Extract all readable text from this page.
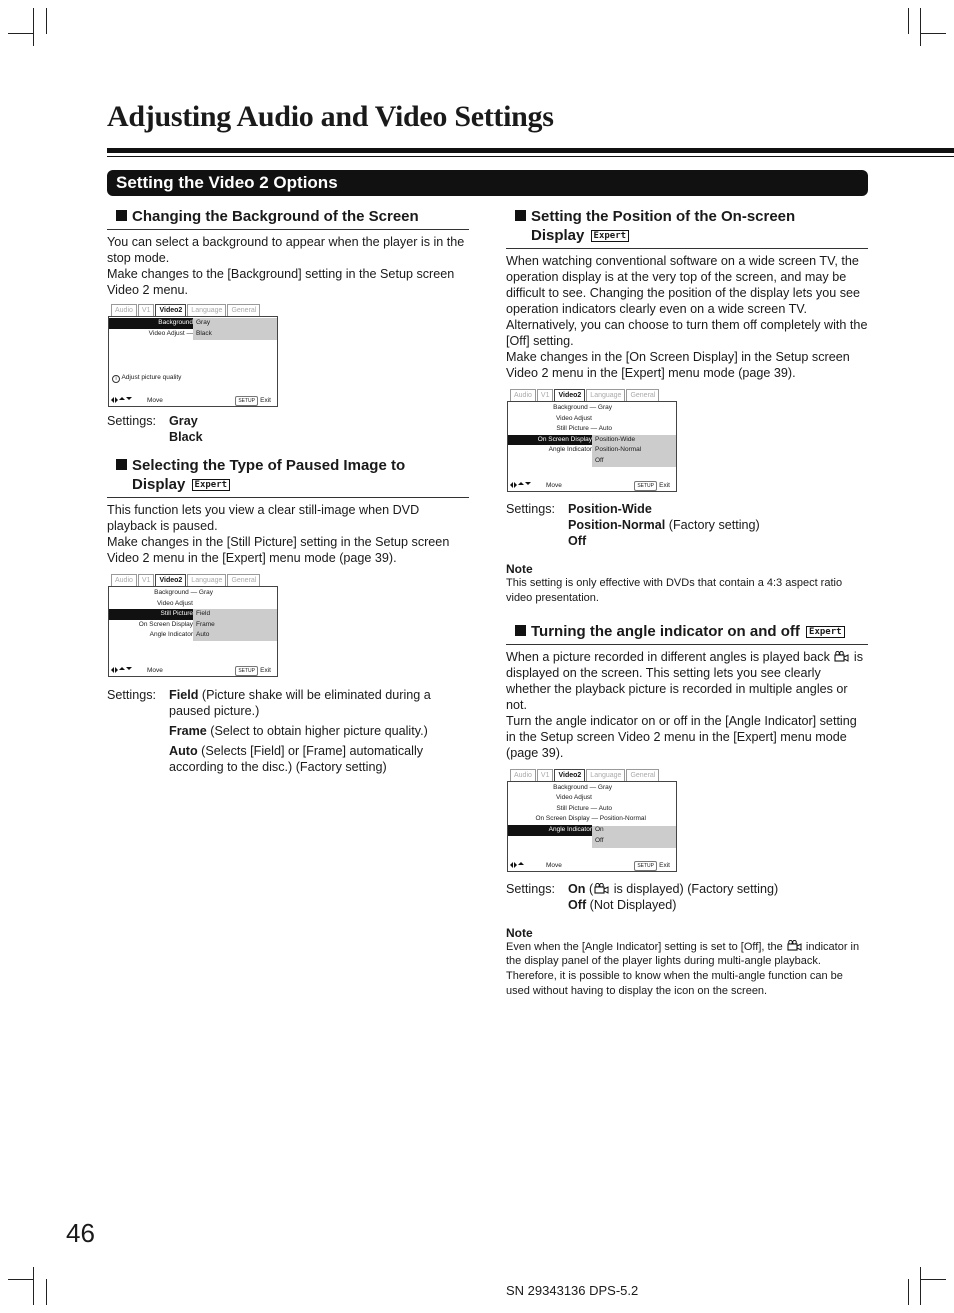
Adjusting Audio and Video Settings
Setting the Video 2 Options
Changing the Background of the Screen

You can select a background to appear when the player is in the stop mode.

Make changes to the [Background] setting in the Setup screen Video 2 menu.

Audio	V1	Video2	Language	General
Background Gray
Video Adjust — Black
i Adjust picture quality
Move	SETUP Exit
Settings: Gray
Black
Selecting the Type of Paused Image to
Display Expert

This function lets you view a clear still-image when DVD playback is paused.

Make changes in the [Still Picture] setting in the Setup screen Video 2 menu in the [Expert] menu mode (page 39).

Audio	V1	Video2	Language	General
Background — Gray
Video Adjust
Still Picture Field
On Screen Display Frame
Angle Indicator Auto
Move	SETUP Exit
Settings: Field (Picture shake will be eliminated during a paused picture.)
Frame (Select to obtain higher picture quality.)
Auto (Selects [Field] or [Frame] automatically according to the disc.) (Factory setting)
Setting the Position of the On-screen
Display Expert

When watching conventional software on a wide screen TV, the operation display is at the very top of the screen, and may be difficult to see. Changing the position of the display lets you see operation indicators clearly even on a wide screen TV. Alternatively, you can choose to turn them off completely with the [Off] setting.

Make changes in the [On Screen Display] in the Setup screen Video 2 menu in the [Expert] menu mode (page 39).

Audio	V1	Video2	Language	General
Background — Gray
Video Adjust
Still Picture — Auto
On Screen Display Position-Wide
Angle Indicator Position-Normal
Off
Move	SETUP Exit
Settings: Position-Wide
Position-Normal (Factory setting)
Off
Note

This setting is only effective with DVDs that contain a 4:3 aspect ratio video presentation.

Turning the angle indicator on and off Expert

When a picture recorded in different angles is played back is displayed on the screen. This setting lets you see clearly whether the playback picture is recorded in multiple angles or not.

Turn the angle indicator on or off in the [Angle Indicator] setting in the Setup screen Video 2 menu in the [Expert] menu mode (page 39).

Audio	V1	Video2	Language	General
Background — Gray
Video Adjust
Still Picture — Auto
On Screen Display — Position-Normal
Angle Indicator On
Off
Move	SETUP Exit
Settings: On (
is displayed) (Factory setting)
Off (Not Displayed)
Note

Even when the [Angle Indicator] setting is set to [Off], the indicator in the display panel of the player lights during multi-angle playback. Therefore, it is possible to know when the multi-angle function can be used without having to display the icon on the screen.

46
SN 29343136 DPS-5.2
